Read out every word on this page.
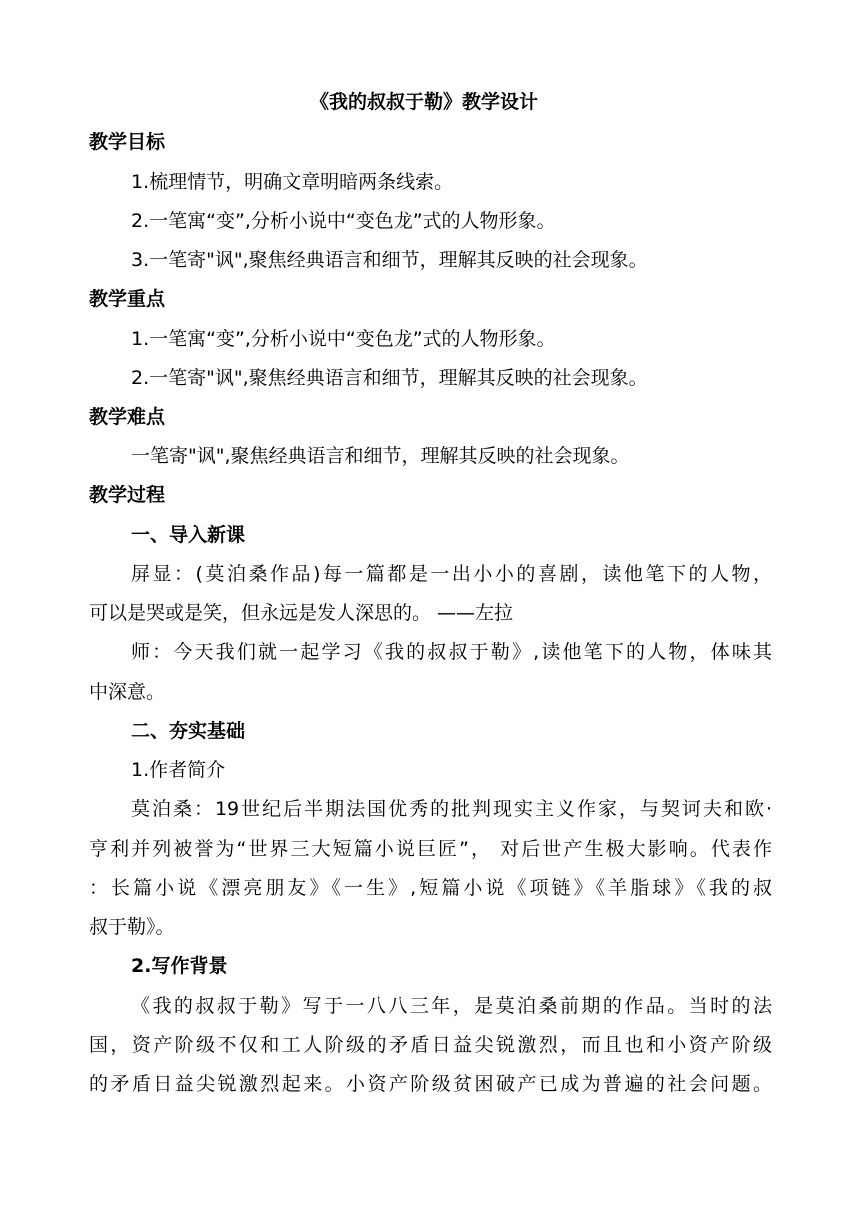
《我的叔叔于勒》教学设计
教学目标
1.梳理情节，明确文章明暗两条线索。
2.一笔寓“变”,分析小说中“变色龙”式的人物形象。
3.一笔寄"讽",聚焦经典语言和细节，理解其反映的社会现象。
教学重点
1.一笔寓“变”,分析小说中“变色龙”式的人物形象。
2.一笔寄"讽",聚焦经典语言和细节，理解其反映的社会现象。
教学难点
一笔寄"讽",聚焦经典语言和细节，理解其反映的社会现象。
教学过程
一、导入新课
屏显：(莫泊桑作品)每一篇都是一出小小的喜剧，读他笔下的人物，
可以是哭或是笑，但永远是发人深思的。 ——左拉
师：今天我们就一起学习《我的叔叔于勒》,读他笔下的人物，体味其
中深意。
二、夯实基础
1.作者简介
莫泊桑：19世纪后半期法国优秀的批判现实主义作家，与契诃夫和欧·
亨利并列被誉为“世界三大短篇小说巨匠”， 对后世产生极大影响。代表作
：长篇小说《漂亮朋友》《一生》,短篇小说《项链》《羊脂球》《我的叔
叔于勒》。
2.写作背景
《我的叔叔于勒》写于一八八三年，是莫泊桑前期的作品。当时的法
国，资产阶级不仅和工人阶级的矛盾日益尖锐激烈，而且也和小资产阶级
的矛盾日益尖锐激烈起来。小资产阶级贫困破产已成为普遍的社会问题。
